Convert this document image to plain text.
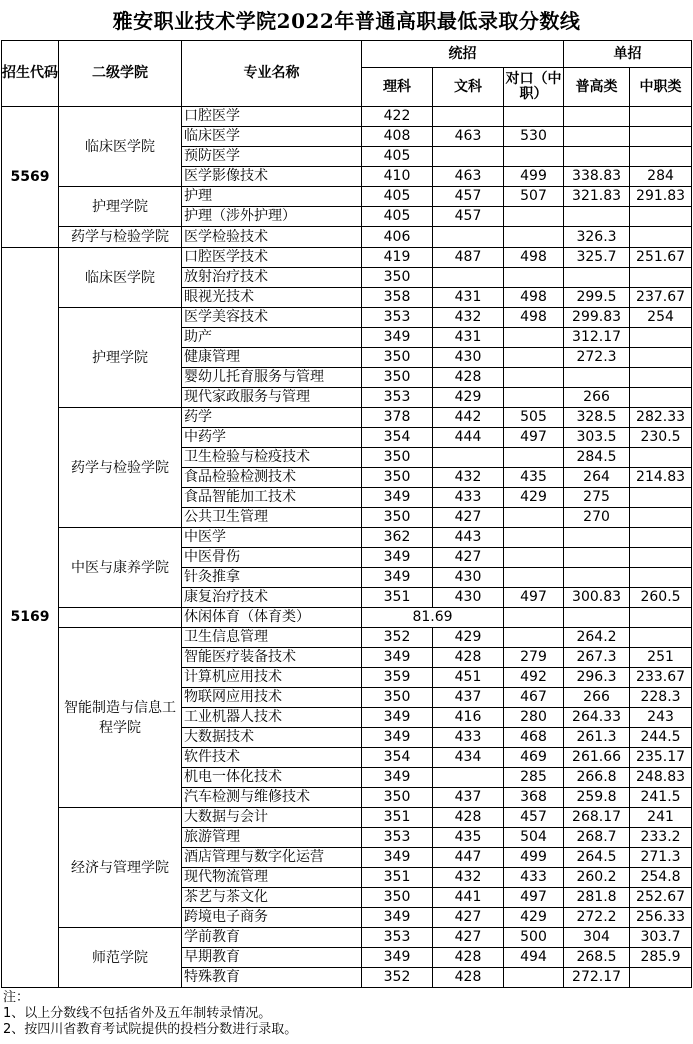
雅安职业技术学院2022年普通高职最低录取分数线
招生代码	二级学院	专业名称	统招			单招	
			理科	文科	对口（中职）	普高类	中职类
5569	临床医学院	口腔医学	422				
		临床医学	408	463	530		
		预防医学	405				
		医学影像技术	410	463	499	338.83	284
	护理学院	护理	405	457	507	321.83	291.83
		护理（涉外护理）	405	457			
	药学与检验学院	医学检验技术	406			326.3	
5169	临床医学院	口腔医学技术	419	487	498	325.7	251.67
		放射治疗技术	350				
		眼视光技术	358	431	498	299.5	237.67
	护理学院	医学美容技术	353	432	498	299.83	254
		助产	349	431		312.17	
		健康管理	350	430		272.3	
		婴幼儿托育服务与管理	350	428			
		现代家政服务与管理	353	429		266	
	药学与检验学院	药学	378	442	505	328.5	282.33
		中药学	354	444	497	303.5	230.5
		卫生检验与检疫技术	350			284.5	
		食品检验检测技术	350	432	435	264	214.83
		食品智能加工技术	349	433	429	275	
		公共卫生管理	350	427		270	
	中医与康养学院	中医学	362	443			
		中医骨伤	349	427			
		针灸推拿	349	430			
		康复治疗技术	351	430	497	300.83	260.5
		休闲体育（体育类）	81.69				
	智能制造与信息工程学院	卫生信息管理	352	429		264.2	
		智能医疗装备技术	349	428	279	267.3	251
		计算机应用技术	359	451	492	296.3	233.67
		物联网应用技术	350	437	467	266	228.3
		工业机器人技术	349	416	280	264.33	243
		大数据技术	349	433	468	261.3	244.5
		软件技术	354	434	469	261.66	235.17
		机电一体化技术	349		285	266.8	248.83
		汽车检测与维修技术	350	437	368	259.8	241.5
	经济与管理学院	大数据与会计	351	428	457	268.17	241
		旅游管理	353	435	504	268.7	233.2
		酒店管理与数字化运营	349	447	499	264.5	271.3
		现代物流管理	351	432	433	260.2	254.8
		茶艺与茶文化	350	441	497	281.8	252.67
		跨境电子商务	349	427	429	272.2	256.33
	师范学院	学前教育	353	427	500	304	303.7
		早期教育	349	428	494	268.5	285.9
		特殊教育	352	428		272.17	
注：
1、以上分数线不包括省外及五年制转录情况。
2、按四川省教育考试院提供的投档分数进行录取。
